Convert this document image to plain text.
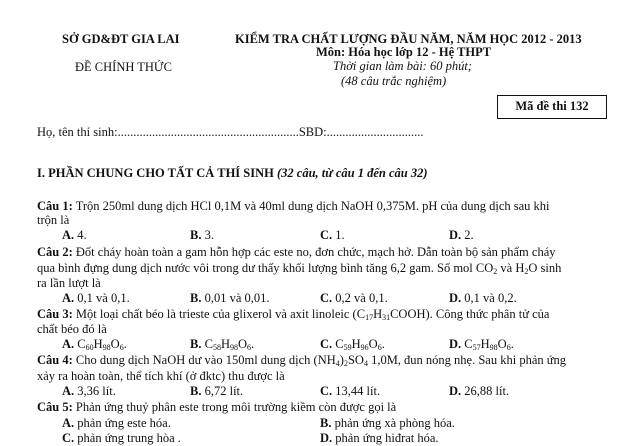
SỞ GD&ĐT GIA LAI
ĐỀ CHÍNH THỨC
KIỂM TRA CHẤT LƯỢNG ĐẦU NĂM, NĂM HỌC 2012 - 2013
Môn: Hóa học lớp 12 - Hệ THPT
Thời gian làm bài: 60 phút;
(48 câu trắc nghiệm)
Mã đề thi 132
Họ, tên thí sinh:..........................................................SBD:...............................
I. PHẦN CHUNG CHO TẤT CẢ THÍ SINH (32 câu, từ câu 1 đến câu 32)
Câu 1: Trộn 250ml dung dịch HCl 0,1M và 40ml dung dịch NaOH 0,375M. pH của dung dịch sau khi
trộn là
A. 4.	B. 3.	C. 1.	D. 2.
Câu 2: Đốt cháy hoàn toàn a gam hỗn hợp các este no, đơn chức, mạch hở. Dẫn toàn bộ sản phẩm cháy
qua bình đựng dung dịch nước vôi trong dư thấy khối lượng bình tăng 6,2 gam. Số mol $CO_2$ và $H_2O$ sinh
ra lần lượt là
A. 0,1 và 0,1.	B. 0,01 và 0,01.	C. 0,2 và 0,1.	D. 0,1 và 0,2.
Câu 3: Một loại chất béo là trieste của glixerol và axit linoleic $(C_{17}H_{31}COOH)$. Công thức phân tử của
chất béo đó là
A. $C_{60}H_{98}O_6$.	B. $C_{58}H_{98}O_6$.	C. $C_{59}H_{96}O_6$.	D. $C_{57}H_{98}O_6$.
Câu 4: Cho dung dịch NaOH dư vào 150ml dung dịch $(NH_4)_2SO_4$ 1,0M, đun nóng nhẹ. Sau khi phản ứng
xảy ra hoàn toàn, thể tích khí (ở đktc) thu được là
A. 3,36 lít.	B. 6,72 lít.	C. 13,44 lít.	D. 26,88 lít.
Câu 5: Phản ứng thuỷ phân este trong môi trường kiềm còn được gọi là
A. phản ứng este hóa.	B. phản ứng xà phòng hóa.
C. phản ứng trung hòa .	D. phản ứng hiđrat hóa.
